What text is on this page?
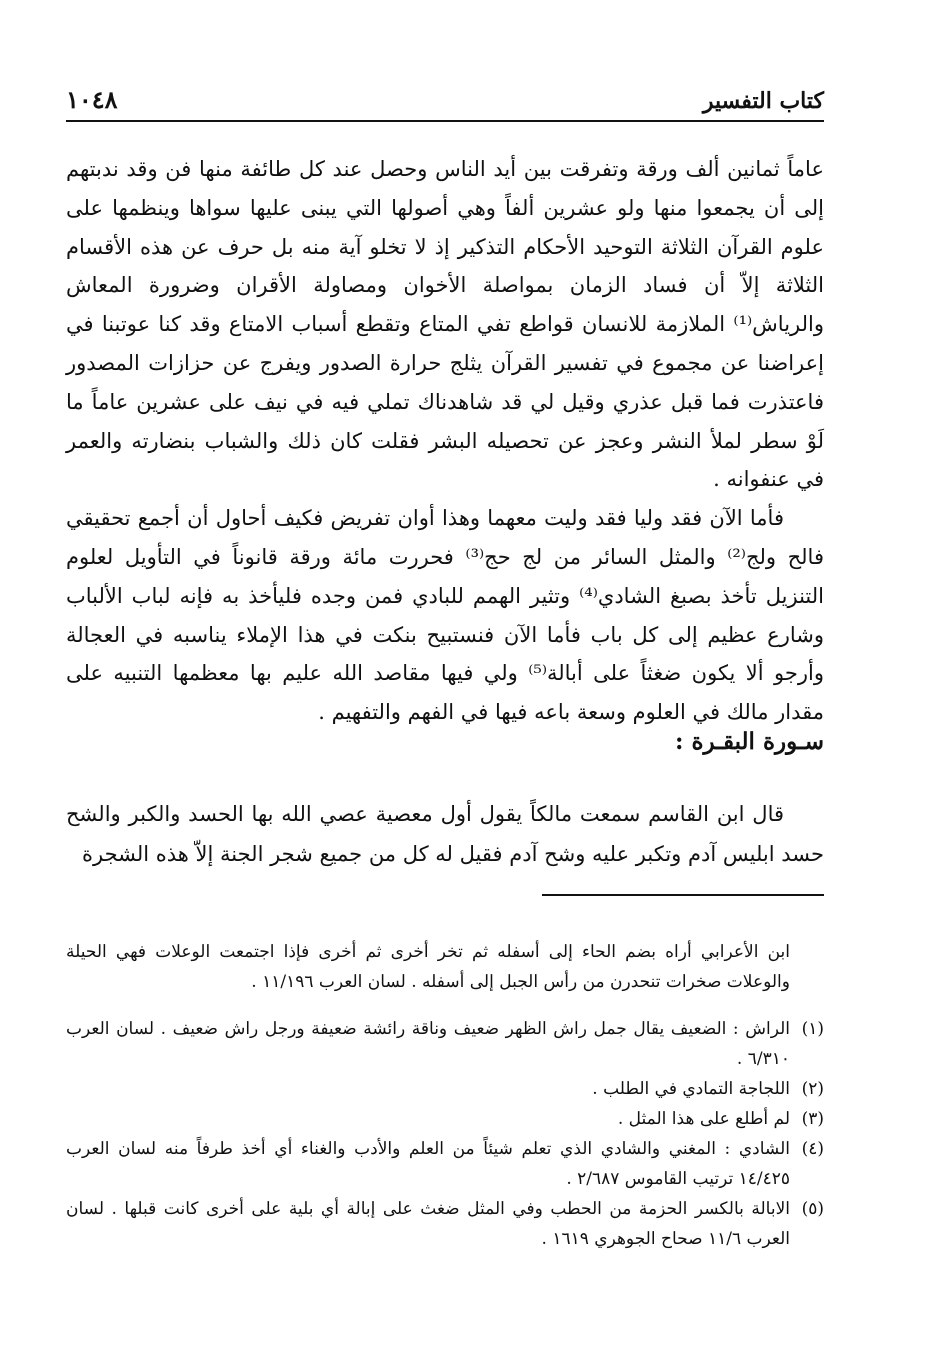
١٠٤٨	كتاب التفسير

عاماً ثمانين ألف ورقة وتفرقت بين أيد الناس وحصل عند كل طائفة منها فن وقد ندبتهم إلى أن يجمعوا منها ولو عشرين ألفاً وهي أصولها التي يبنى عليها سواها وينظمها على علوم القرآن الثلاثة التوحيد الأحكام التذكير إذ لا تخلو آية منه بل حرف عن هذه الأقسام الثلاثة إلاّ أن فساد الزمان بمواصلة الأخوان ومصاولة الأقران وضرورة المعاش والرياش⁽¹⁾ الملازمة للانسان قواطع تفي المتاع وتقطع أسباب الامتاع وقد كنا عوتبنا في إعراضنا عن مجموع في تفسير القرآن يثلج حرارة الصدور ويفرج عن حزازات المصدور فاعتذرت فما قبل عذري وقيل لي قد شاهدناك تملي فيه في نيف على عشرين عاماً ما لَوْ سطر لملأ النشر وعجز عن تحصيله البشر فقلت كان ذلك والشباب بنضارته والعمر في عنفوانه .

فأما الآن فقد وليا فقد وليت معهما وهذا أوان تفريض فكيف أحاول أن أجمع تحقيقي فالح ولج⁽²⁾ والمثل السائر من لج حج⁽³⁾ فحررت مائة ورقة قانوناً في التأويل لعلوم التنزيل تأخذ بصبغ الشادي⁽⁴⁾ وتثير الهمم للبادي فمن وجده فليأخذ به فإنه لباب الألباب وشارع عظيم إلى كل باب فأما الآن فنستبيح بنكت في هذا الإملاء يناسبه في العجالة وأرجو ألا يكون ضغثاً على أبالة⁽⁵⁾ ولي فيها مقاصد الله عليم بها معظمها التنبيه على مقدار مالك في العلوم وسعة باعه فيها في الفهم والتفهيم .

سـورة البقـرة :

قال ابن القاسم سمعت مالكاً يقول أول معصية عصي الله بها الحسد والكبر والشح حسد ابليس آدم وتكبر عليه وشح آدم فقيل له كل من جميع شجر الجنة إلاّ هذه الشجرة

ابن الأعرابي أراه بضم الحاء إلى أسفله ثم تخر أخرى ثم أخرى فإذا اجتمعت الوعلات فهي الحيلة والوعلات صخرات تنحدرن من رأس الجبل إلى أسفله . لسان العرب ١١/١٩٦ .

(١)
الراش : الضعيف يقال جمل راش الظهر ضعيف وناقة رائشة ضعيفة ورجل راش ضعيف . لسان العرب ٦/٣١٠ .
(٢)
اللجاجة التمادي في الطلب .
(٣)
لم أطلع على هذا المثل .
(٤)
الشادي : المغني والشادي الذي تعلم شيئاً من العلم والأدب والغناء أي أخذ طرفاً منه لسان العرب ١٤/٤٢٥ ترتيب القاموس ٢/٦٨٧ .
(٥)
الابالة بالكسر الحزمة من الحطب وفي المثل ضغث على إبالة أي بلية على أخرى كانت قبلها . لسان العرب ١١/٦ صحاح الجوهري ١٦١٩ .
